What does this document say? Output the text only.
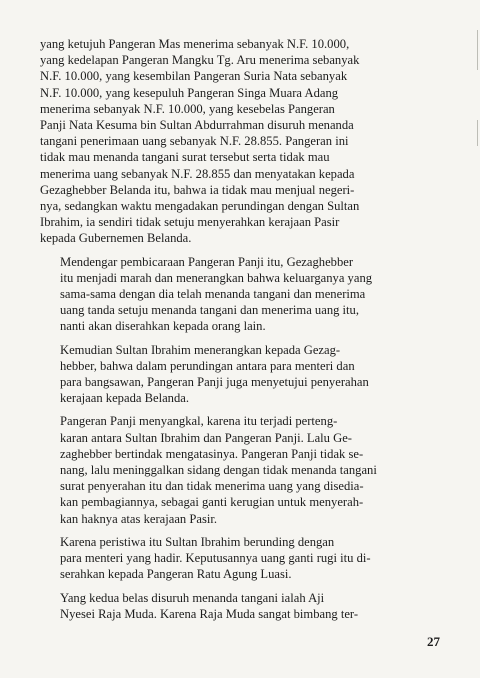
yang ketujuh Pangeran Mas menerima sebanyak N.F. 10.000,
yang kedelapan Pangeran Mangku Tg. Aru menerima sebanyak
N.F. 10.000, yang kesembilan Pangeran Suria Nata sebanyak
N.F. 10.000, yang kesepuluh Pangeran Singa Muara Adang
menerima sebanyak N.F. 10.000, yang kesebelas Pangeran
Panji Nata Kesuma bin Sultan Abdurrahman disuruh menanda
tangani penerimaan uang sebanyak N.F. 28.855. Pangeran ini
tidak mau menanda tangani surat tersebut serta tidak mau
menerima uang sebanyak N.F. 28.855 dan menyatakan kepada
Gezaghebber Belanda itu, bahwa ia tidak mau menjual negeri-
nya, sedangkan waktu mengadakan perundingan dengan Sultan
Ibrahim, ia sendiri tidak setuju menyerahkan kerajaan Pasir
kepada Gubernemen Belanda.
Mendengar pembicaraan Pangeran Panji itu, Gezaghebber
itu menjadi marah dan menerangkan bahwa keluarganya yang
sama-sama dengan dia telah menanda tangani dan menerima
uang tanda setuju menanda tangani dan menerima uang itu,
nanti akan diserahkan kepada orang lain.
Kemudian Sultan Ibrahim menerangkan kepada Gezag-
hebber, bahwa dalam perundingan antara para menteri dan
para bangsawan, Pangeran Panji juga menyetujui penyerahan
kerajaan kepada Belanda.
Pangeran Panji menyangkal, karena itu terjadi perteng-
karan antara Sultan Ibrahim dan Pangeran Panji. Lalu Ge-
zaghebber bertindak mengatasinya. Pangeran Panji tidak se-
nang, lalu meninggalkan sidang dengan tidak menanda tangani
surat penyerahan itu dan tidak menerima uang yang disedia-
kan pembagiannya, sebagai ganti kerugian untuk menyerah-
kan haknya atas kerajaan Pasir.
Karena peristiwa itu Sultan Ibrahim berunding dengan
para menteri yang hadir. Keputusannya uang ganti rugi itu di-
serahkan kepada Pangeran Ratu Agung Luasi.
Yang kedua belas disuruh menanda tangani ialah Aji
Nyesei Raja Muda. Karena Raja Muda sangat bimbang ter-
27
